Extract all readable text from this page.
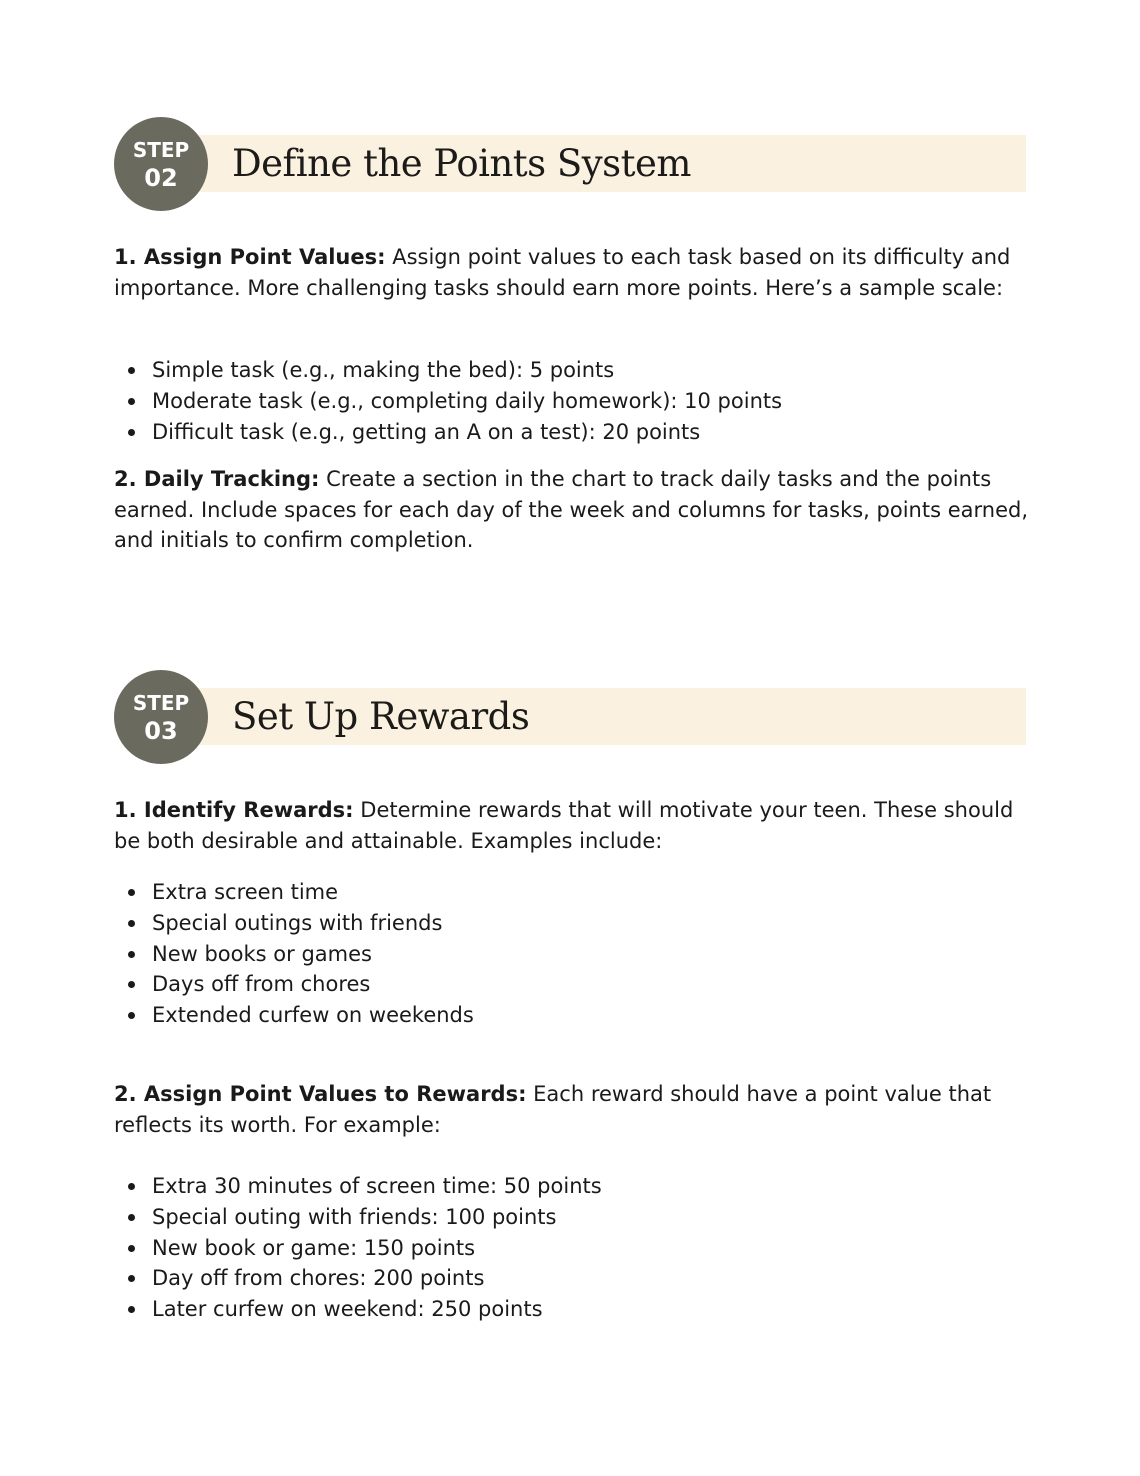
Define the Points System
STEP
02

1. Assign Point Values: Assign point values to each task based on its difficulty and importance. More challenging tasks should earn more points. Here’s a sample scale:

Simple task (e.g., making the bed): 5 points
Moderate task (e.g., completing daily homework): 10 points
Difficult task (e.g., getting an A on a test): 20 points

2. Daily Tracking: Create a section in the chart to track daily tasks and the points earned. Include spaces for each day of the week and columns for tasks, points earned, and initials to confirm completion.

Set Up Rewards
STEP
03

1. Identify Rewards: Determine rewards that will motivate your teen. These should be both desirable and attainable. Examples include:

Extra screen time
Special outings with friends
New books or games
Days off from chores
Extended curfew on weekends

2. Assign Point Values to Rewards: Each reward should have a point value that reflects its worth. For example:

Extra 30 minutes of screen time: 50 points
Special outing with friends: 100 points
New book or game: 150 points
Day off from chores: 200 points
Later curfew on weekend: 250 points
